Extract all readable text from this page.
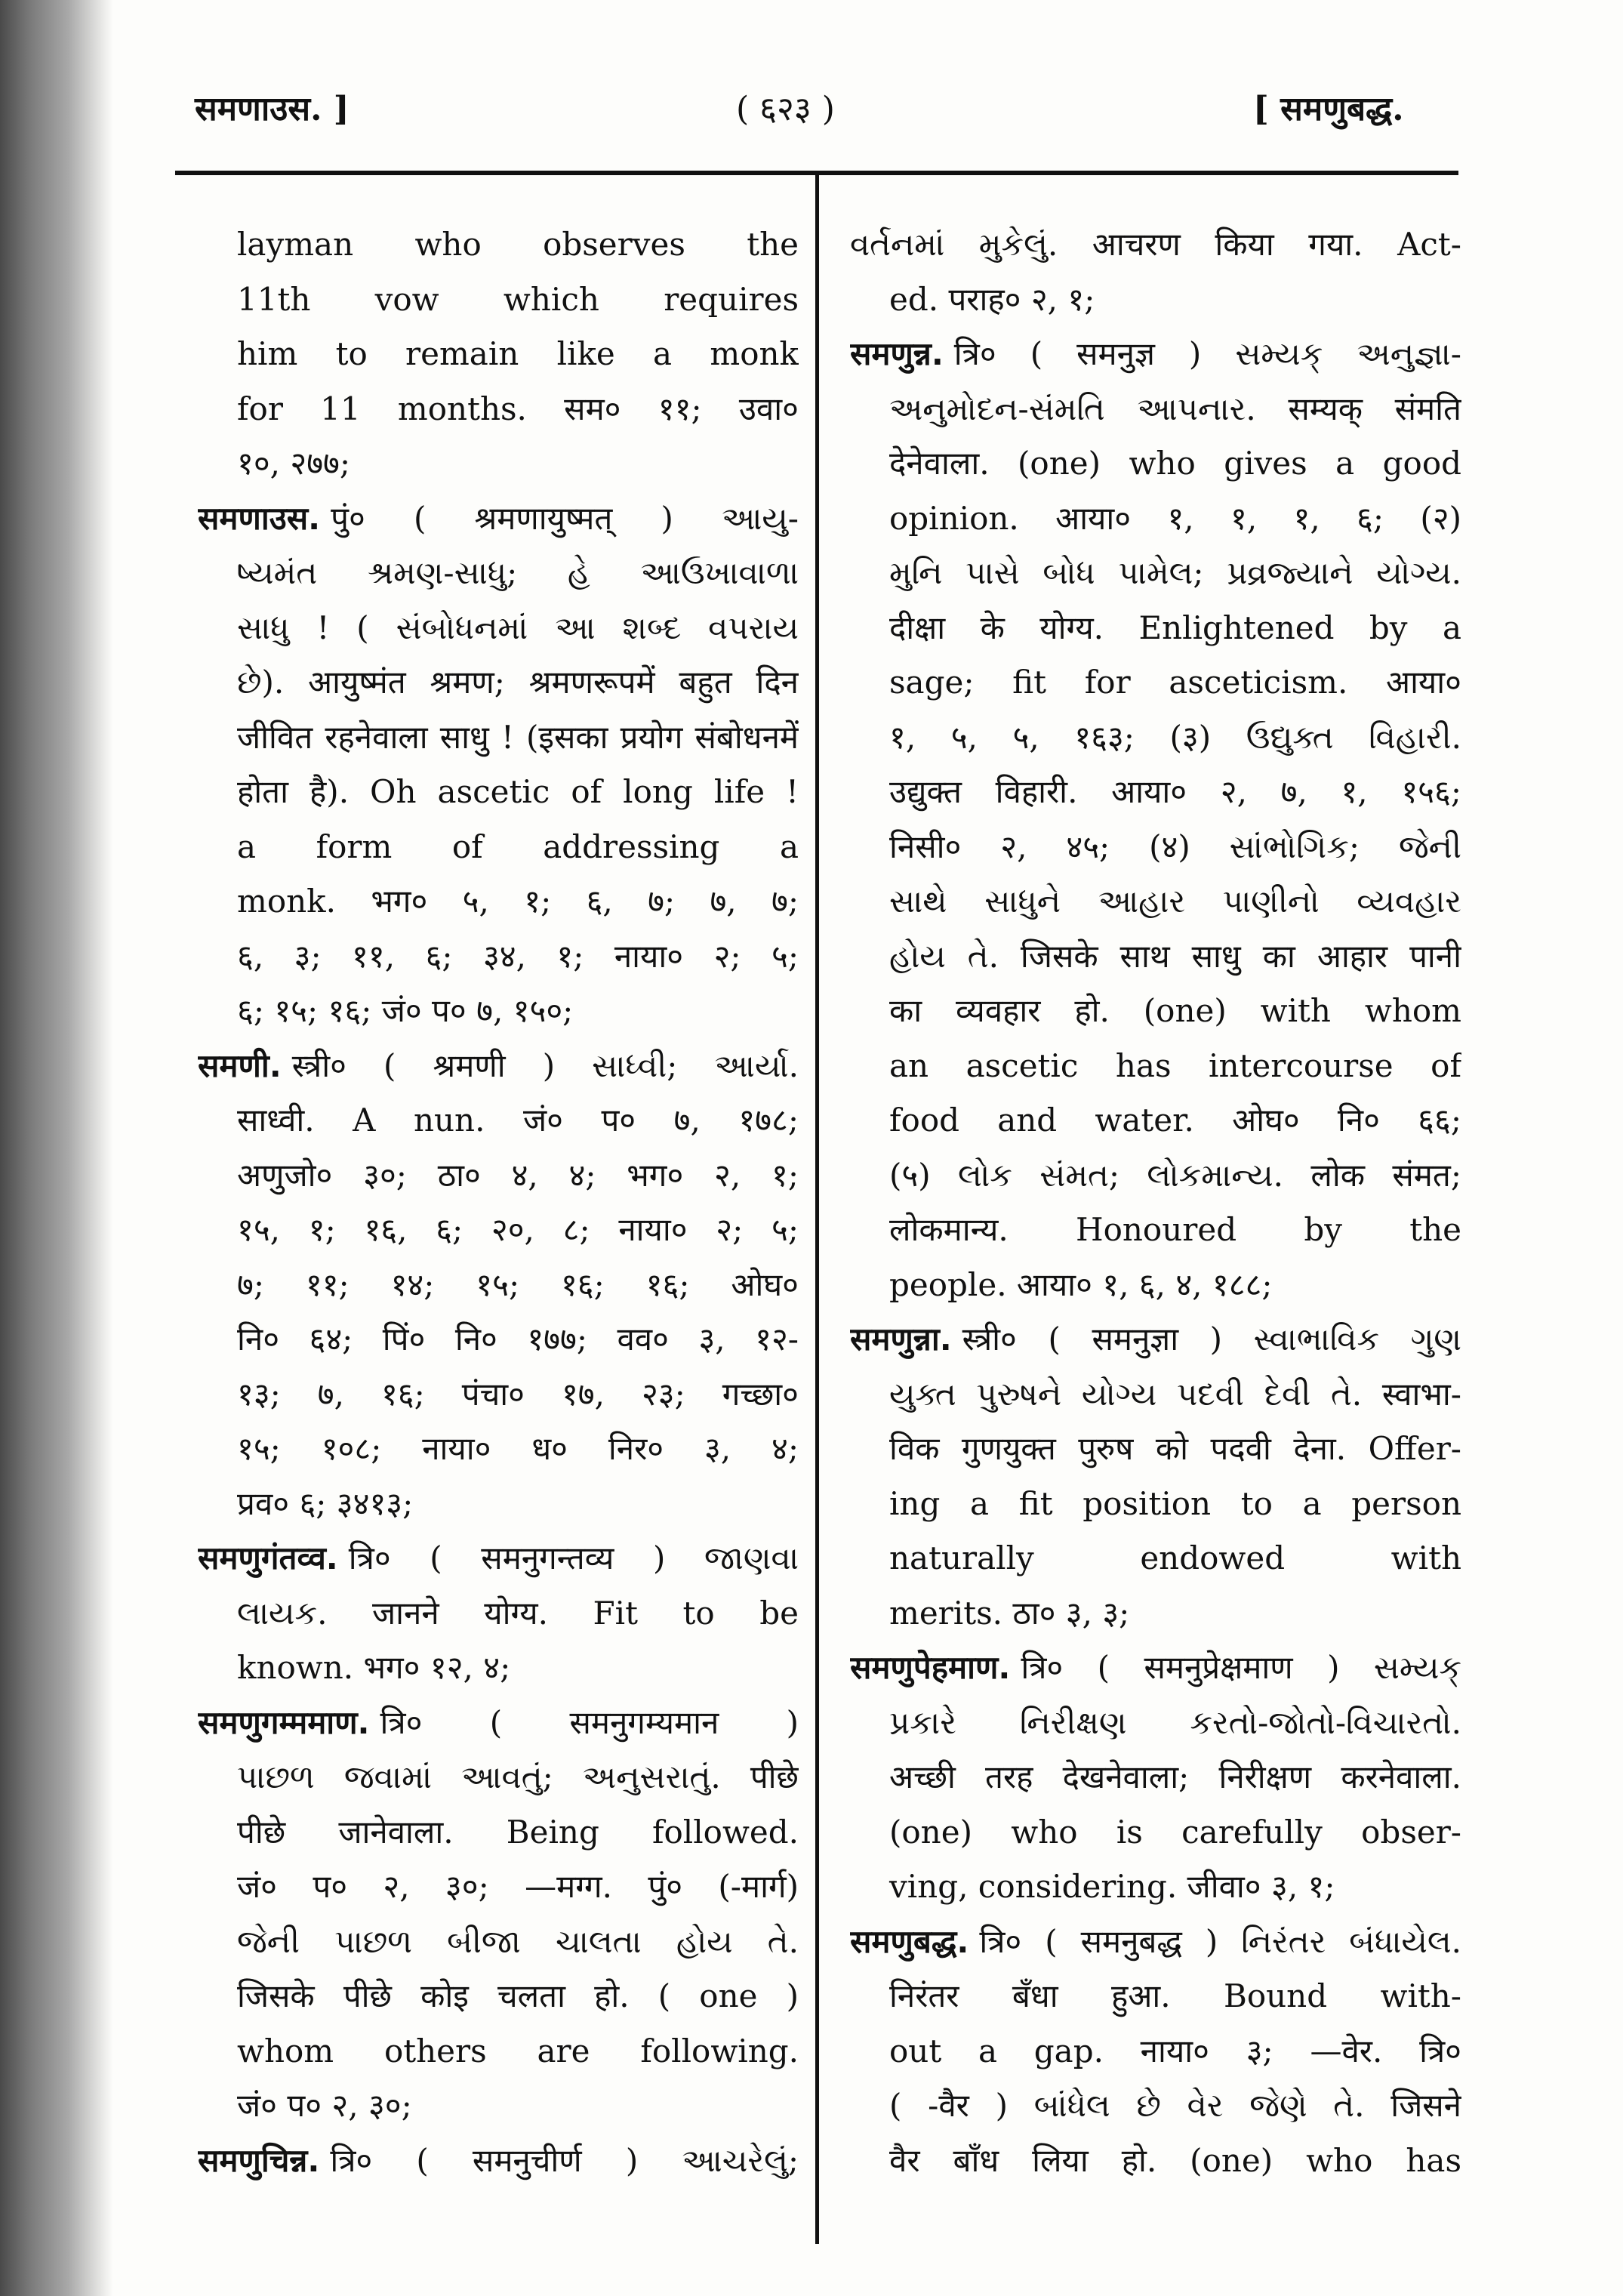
समणाउस. ]	( ६२३ )	[ समणुबद्ध.
layman who observes the
11th vow which requires
him to remain like a monk
for 11 months. सम० ११; उवा०
१०, २७७;
समणाउस. पुं० ( श्रमणायुष्मत् ) આયુ-
ષ્યમંત શ્રમણ-સાધુ; હે આઉખાવાળા
સાધુ ! ( સંબોધનમાં આ શબ્દ વપરાય
છે). आयुष्मंत श्रमण; श्रमणरूपमें बहुत दिन
जीवित रहनेवाला साधु ! (इसका प्रयोग संबोधनमें
होता है). Oh ascetic of long life !
a form of addressing a
monk. भग० ५, १; ६, ७; ७, ७;
६, ३; ११, ६; ३४, १; नाया० २; ५;
६; १५; १६; जं० प० ७, १५०;
समणी. स्त्री० ( श्रमणी ) સાધ્વી; આર્યા.
साध्वी. A nun. जं० प० ७, १७८;
अणुजो० ३०; ठा० ४, ४; भग० २, १;
१५, १; १६, ६; २०, ८; नाया० २; ५;
७; ११; १४; १५; १६; १६; ओघ०
नि० ६४; पिं० नि० १७७; वव० ३, १२-
१३; ७, १६; पंचा० १७, २३; गच्छा०
१५; १०८; नाया० ध० निर० ३, ४;
प्रव० ६; ३४१३;
समणुगंतव्व. त्रि० ( समनुगन्तव्य ) જાણવા
લાયક. जानने योग्य. Fit to be
known. भग० १२, ४;
समणुगम्ममाण. त्रि० ( समनुगम्यमान )
પાછળ જવામાં આવતું; અનુસરાતું. पीछे
पीछे जानेवाला. Being followed.
जं० प० २, ३०; —मग्ग. पुं० (-मार्ग)
જેની પાછળ બીજા ચાલતા હોય તે.
जिसके पीछे कोइ चलता हो. ( one )
whom others are following.
जं० प० २, ३०;
समणुचिन्न. त्रि० ( समनुचीर्ण ) આચરેલું;
વર્તનમાં મુકેલું. आचरण किया गया. Act-
ed. पराह० २, १;
समणुन्न. त्रि० ( समनुज्ञ ) સમ્યક્ અનુજ્ઞા-
અનુમોદન-સંમતિ આપનાર. सम्यक् संमति
देनेवाला. (one) who gives a good
opinion. आया० १, १, १, ६; (२)
મુનિ પાસે બોધ પામેલ; પ્રવ્રજ્યાને યોગ્ય.
दीक्षा के योग्य. Enlightened by a
sage; fit for asceticism. आया०
१, ५, ५, १६३; (३) ઉદ્યુક્ત વિહારી.
उद्युक्त विहारी. आया० २, ७, १, १५६;
निसी० २, ४५; (४) સાંભોગિક; જેની
સાથે સાધુને આહાર પાણીનો વ્યવહાર
હોય તે. जिसके साथ साधु का आहार पानी
का व्यवहार हो. (one) with whom
an ascetic has intercourse of
food and water. ओघ० नि० ६६;
(५) લોક સંમત; લોકમાન્ય. लोक संमत;
लोकमान्य. Honoured by the
people. आया० १, ६, ४, १८८;
समणुन्ना. स्त्री० ( समनुज्ञा ) સ્વાભાવિક ગુણ
યુક્ત પુરુષને યોગ્ય પદવી દેવી તે. स्वाभा-
विक गुणयुक्त पुरुष को पदवी देना. Offer-
ing a fit position to a person
naturally endowed with
merits. ठा० ३, ३;
समणुपेहमाण. त्रि० ( समनुप्रेक्षमाण ) સમ્યક્
પ્રકારે નિરીક્ષણ કરતો-જોતો-વિચારતો.
अच्छी तरह देखनेवाला; निरीक्षण करनेवाला.
(one) who is carefully obser-
ving, considering. जीवा० ३, १;
समणुबद्ध. त्रि० ( समनुबद्ध ) નિરંતર બંધાયેલ.
निरंतर बँधा हुआ. Bound with-
out a gap. नाया० ३; —वेर. त्रि०
( -वैर ) બાંધેલ છે વેર જેણે તે. जिसने
वैर बाँध लिया हो. (one) who has
